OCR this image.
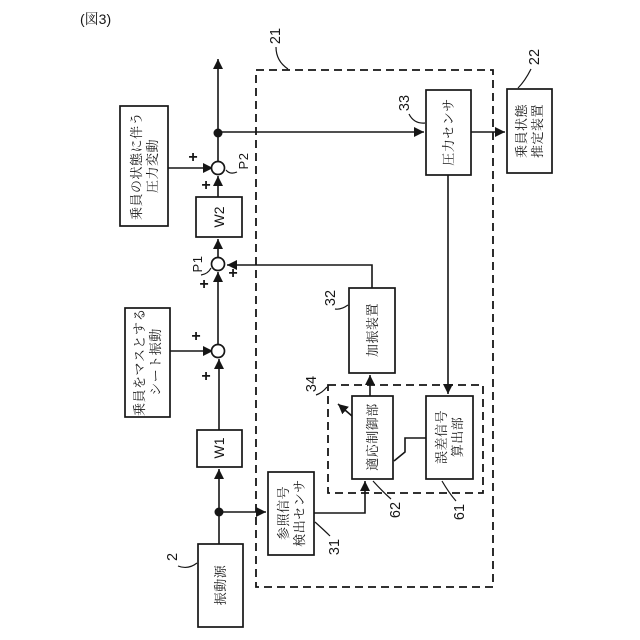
(図3)
乗員の状態に伴う 圧力変動
乗員をマスとする シート振動
W2
W1
振動源
参照信号 検出センサ
加振装置
適応制御部	誤差信号 算出部
圧力センサ	乗員状態 推定装置
+
+
+
+
+
+
P2
P1
21
22
33
32
34
31
61
62
2
